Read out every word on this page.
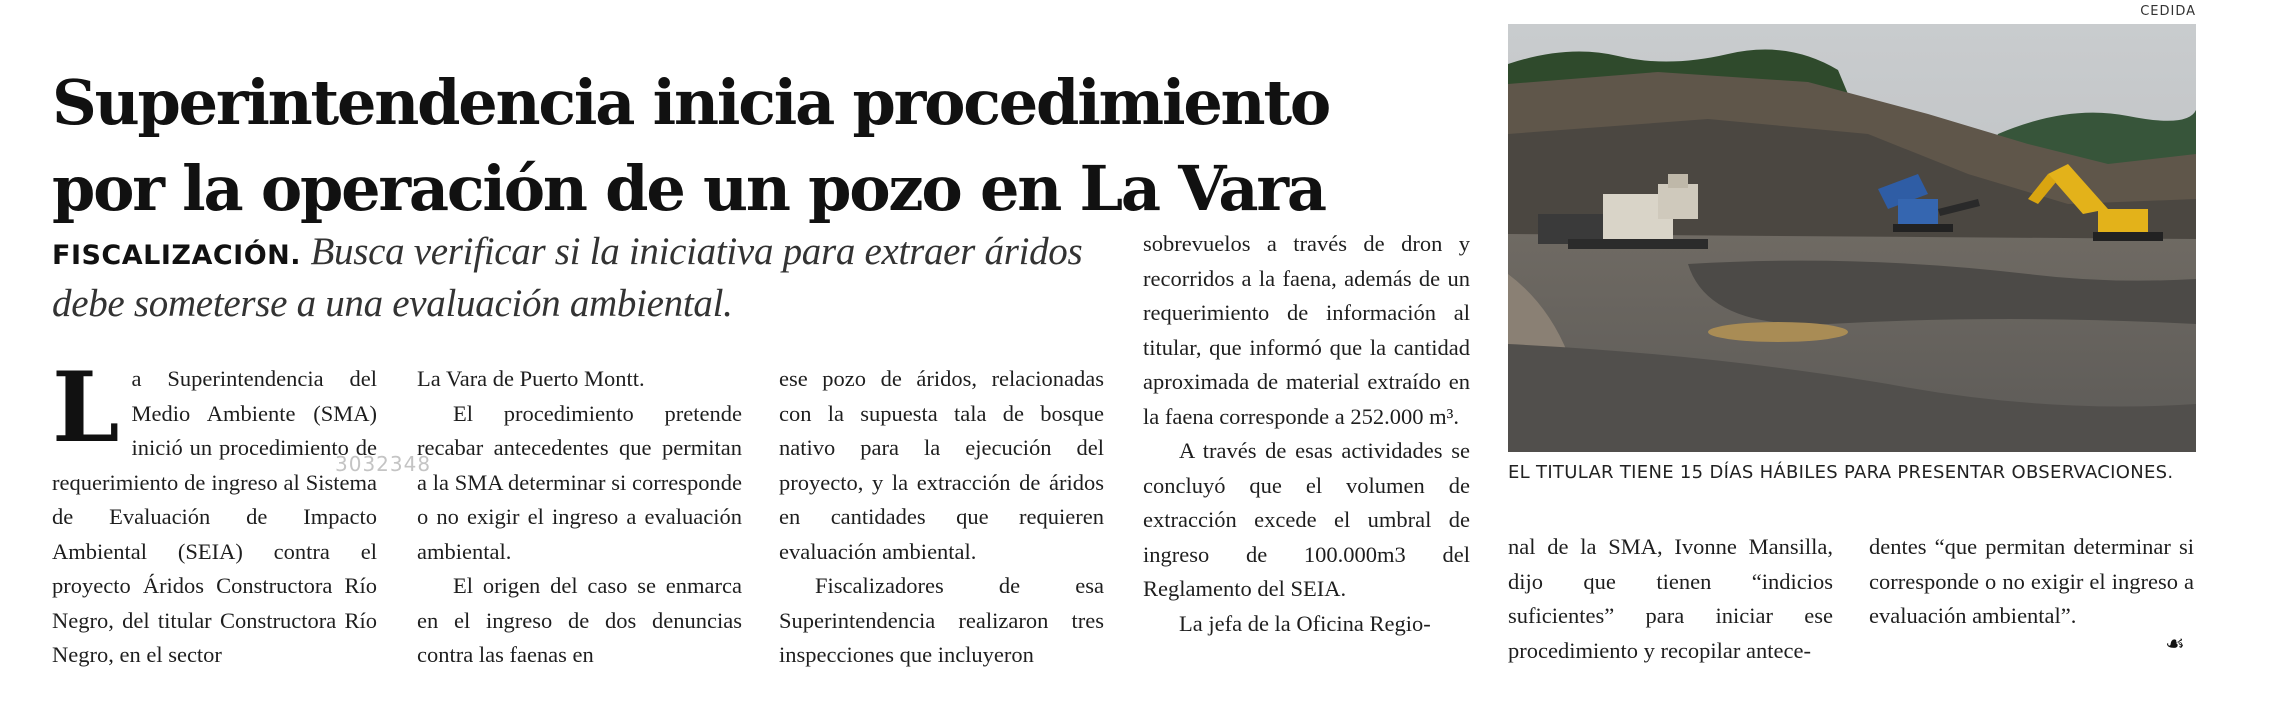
Superintendencia inicia procedimiento
por la operación de un pozo en La Vara
FISCALIZACIÓN. Busca verificar si la iniciativa para extraer áridos debe someterse a una evaluación ambiental.
L a Superintendencia del Medio Ambiente (SMA) inició un procedimiento de requerimiento de ingreso al Sistema de Evaluación de Impacto Ambiental (SEIA) contra el proyecto Áridos Constructora Río Negro, del titular Constructora Río Negro, en el sector

La Vara de Puerto Montt.

El procedimiento pretende recabar antecedentes que permitan a la SMA determinar si corresponde o no exigir el ingreso a evaluación ambiental.

El origen del caso se enmarca en el ingreso de dos denuncias contra las faenas en

ese pozo de áridos, relacionadas con la supuesta tala de bosque nativo para la ejecución del proyecto, y la extracción de áridos en cantidades que requieren evaluación ambiental.

Fiscalizadores de esa Superintendencia realizaron tres inspecciones que incluyeron

sobrevuelos a través de dron y recorridos a la faena, además de un requerimiento de información al titular, que informó que la cantidad aproximada de material extraído en la faena corresponde a 252.000 m³.

A través de esas actividades se concluyó que el volumen de extracción excede el umbral de ingreso de 100.000m3 del Reglamento del SEIA.

La jefa de la Oficina Regio-

nal de la SMA, Ivonne Mansilla, dijo que tienen “indicios suficientes” para iniciar ese procedimiento y recopilar antece-

dentes “que permitan determinar si corresponde o no exigir el ingreso a evaluación ambiental”.

☙
CEDIDA
EL TITULAR TIENE 15 DÍAS HÁBILES PARA PRESENTAR OBSERVACIONES.
3032348
